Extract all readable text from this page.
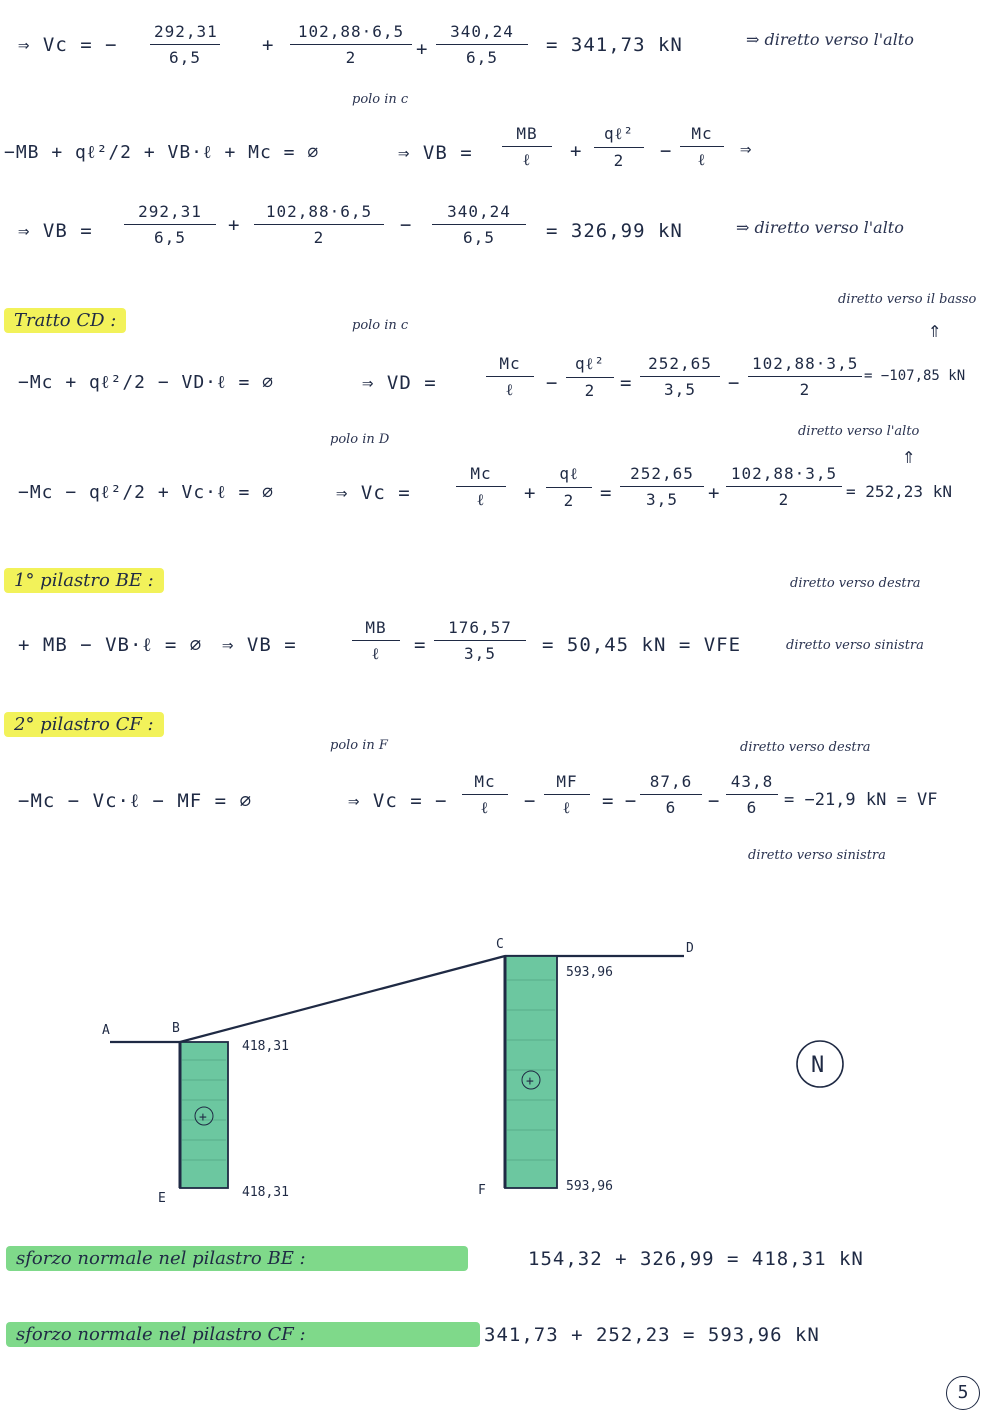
⇒ Vc = − $\frac{292,31}{6,5} + \frac{102,88\cdot 6,5}{2} + \frac{340,24}{6,5} = 341,73$ kN	⇒ diretto verso l'alto
polo in c
−MB + qℓ²/2 + VB·ℓ + Mc = ∅	⇒ VB =
MB
ℓ	+
qℓ²
2	−
Mc
ℓ	⇒
⇒ VB = $\frac{292,31}{6,5} + \frac{102,88\cdot 6,5}{2} - \frac{340,24}{6,5} = 326,99$ kN	⇒ diretto verso l'alto
diretto verso il basso
⇑
Tratto CD :	polo in c
−Mc + qℓ²/2 − VD·ℓ = ∅	⇒ VD =
Mc
ℓ	−
qℓ²
2	= $\frac{252,65}{3,5} - \frac{102,88\cdot 3,5}{2} = -107,85$ kN
diretto verso l'alto
⇑
polo in D
−Mc − qℓ²/2 + Vc·ℓ = ∅	⇒ Vc =
Mc
ℓ	+
qℓ
2	= $\frac{252,65}{3,5} + \frac{102,88\cdot 3,5}{2} = 252,23$ kN
1° pilastro BE :	diretto verso destra
+ MB − VB·ℓ = ∅ ⇒ VB =
MB
ℓ	= $\frac{176,57}{3,5} = 50,45$ kN = VFE	diretto verso sinistra
2° pilastro CF :
polo in F	diretto verso destra
−Mc − Vc·ℓ − MF = ∅	⇒ Vc = −
Mc
ℓ	−
MF
ℓ	= − $\frac{87,6}{6} - \frac{43,8}{6} = -21,9$ kN = VF
diretto verso sinistra
+
+
A	B
C	D
E
F
418,31
418,31
593,96
593,96
N
sforzo normale nel pilastro BE :	154,32 + 326,99 = 418,31 kN
sforzo normale nel pilastro CF :	341,73 + 252,23 = 593,96 kN
5
